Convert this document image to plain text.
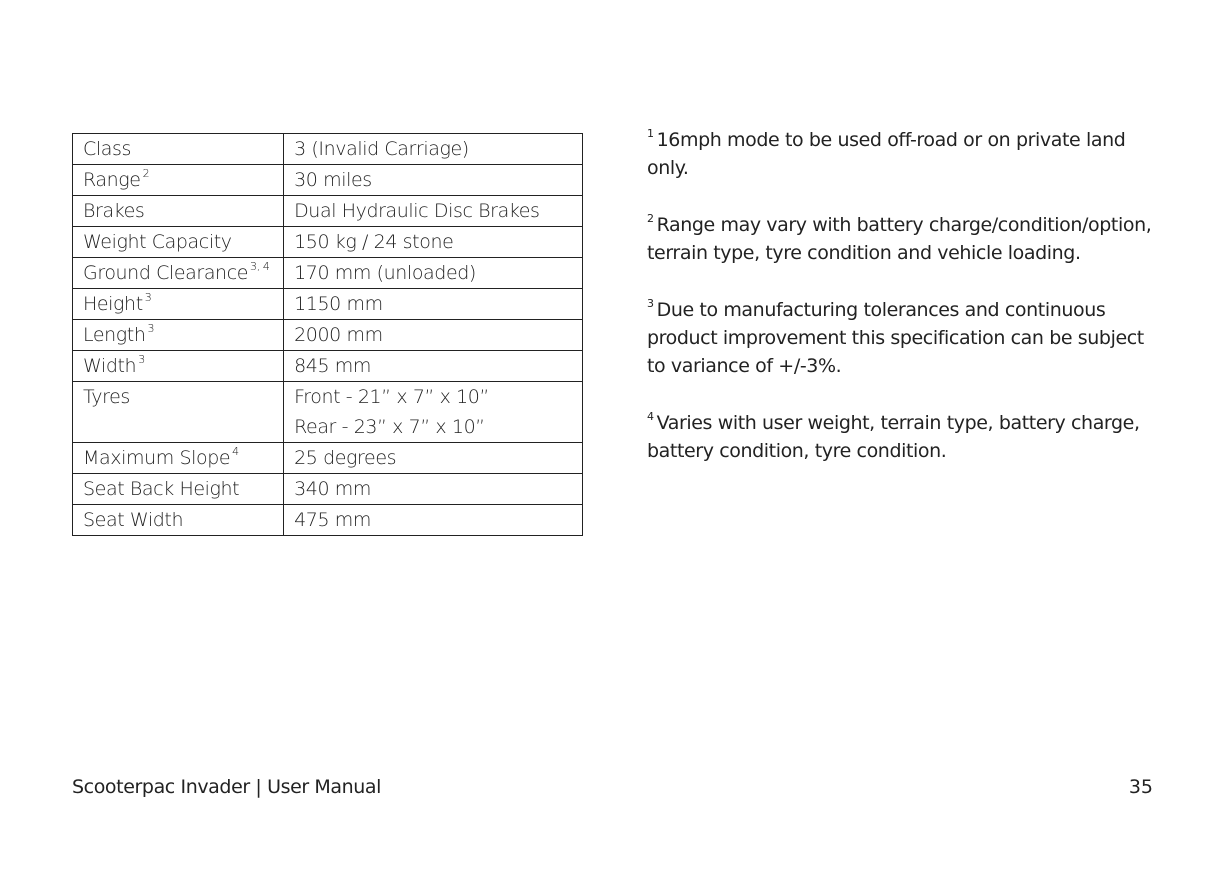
Class	3 (Invalid Carriage)

Range $^2$	30 miles

Brakes	Dual Hydraulic Disc Brakes

Weight Capacity	150 kg / 24 stone

Ground Clearance $^{3, 4}$	170 mm (unloaded)

Height $^3$	1150 mm

Length $^3$	2000 mm

Width $^3$	845 mm

Tyres	Front - 21” x 7” x 10”
Rear - 23” x 7” x 10”

Maximum Slope $^4$	25 degrees

Seat Back Height	340 mm

Seat Width	475 mm

$^1$ 16mph mode to be used off-road or on private land only.

$^2$ Range may vary with battery charge/condition/option, terrain type, tyre condition and vehicle loading.

$^3$ Due to manufacturing tolerances and continuous product improvement this specification can be subject to variance of +/-3%.

$^4$ Varies with user weight, terrain type, battery charge, battery condition, tyre condition.

Scooterpac Invader | User Manual	35
